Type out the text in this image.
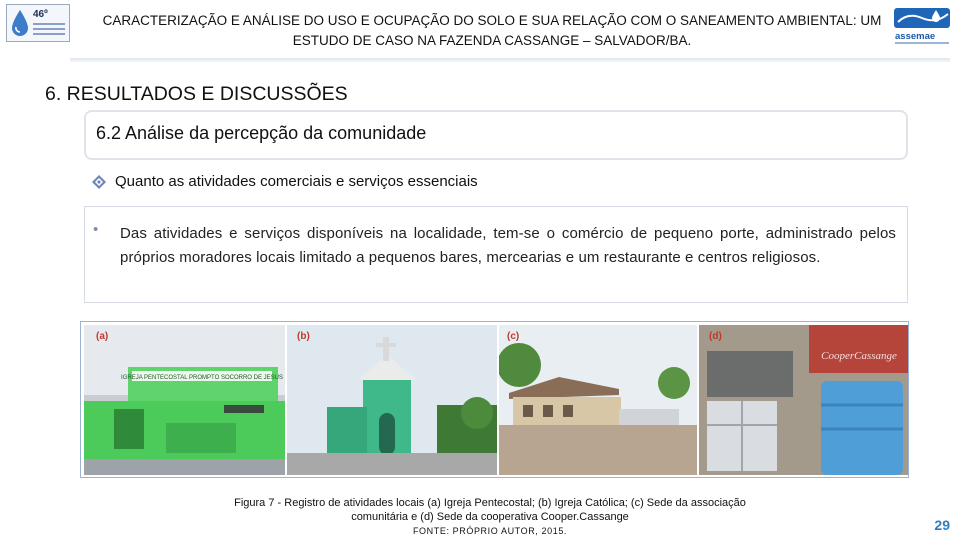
46º	CARACTERIZAÇÃO E ANÁLISE DO USO E OCUPAÇÃO DO SOLO E SUA RELAÇÃO COM O SANEAMENTO AMBIENTAL: UM
ESTUDO DE CASO NA FAZENDA CASSANGE – SALVADOR/BA.	assemae
6. RESULTADOS E DISCUSSÕES
6.2 Análise da percepção da comunidade
Quanto as atividades comerciais e serviços essenciais
• Das atividades e serviços disponíveis na localidade, tem-se o comércio de pequeno porte, administrado pelos próprios moradores locais limitado a pequenos bares, mercearias e um restaurante e centros religiosos.

IGREJA PENTECOSTAL PROMPTO SOCORRO DE JESUS
(a)	(b)	(c)
CooperCassange
(d)
Figura 7 - Registro de atividades locais (a) Igreja Pentecostal; (b) Igreja Católica; (c) Sede da associação
comunitária e (d) Sede da cooperativa Cooper.Cassange
FONTE: PRÓPRIO AUTOR, 2015.	29
